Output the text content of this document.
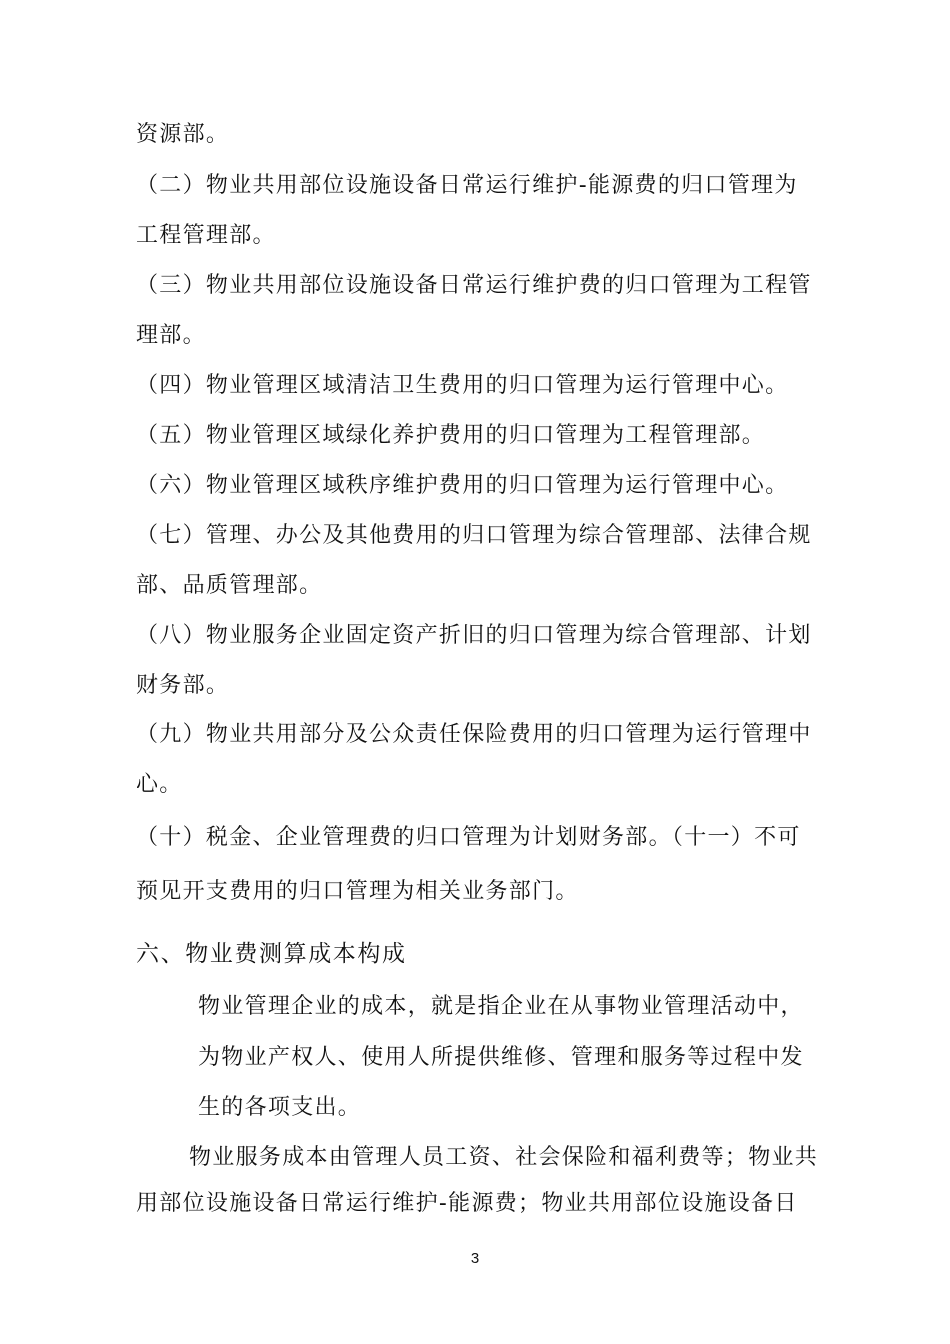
资源部。
（二）物业共用部位设施设备日常运行维护-能源费的归口管理为
工程管理部。
（三）物业共用部位设施设备日常运行维护费的归口管理为工程管
理部。
（四）物业管理区域清洁卫生费用的归口管理为运行管理中心。
（五）物业管理区域绿化养护费用的归口管理为工程管理部。
（六）物业管理区域秩序维护费用的归口管理为运行管理中心。
（七）管理、办公及其他费用的归口管理为综合管理部、法律合规
部、品质管理部。
（八）物业服务企业固定资产折旧的归口管理为综合管理部、计划
财务部。
（九）物业共用部分及公众责任保险费用的归口管理为运行管理中
心。
（十）税金、企业管理费的归口管理为计划财务部。（十一）不可
预见开支费用的归口管理为相关业务部门。
六、物业费测算成本构成
物业管理企业的成本，就是指企业在从事物业管理活动中，
为物业产权人、使用人所提供维修、管理和服务等过程中发
生的各项支出。
物业服务成本由管理人员工资、社会保险和福利费等；物业共
用部位设施设备日常运行维护-能源费；物业共用部位设施设备日
3
